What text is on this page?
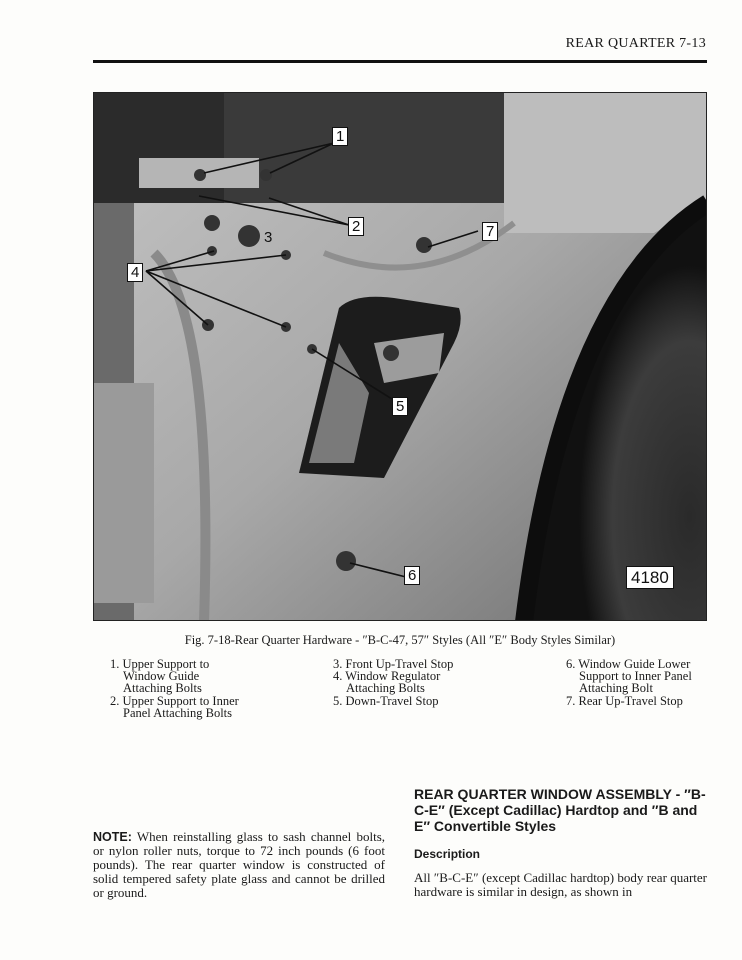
REAR QUARTER 7-13
1
2
3
4
5
6
7
4180
Fig. 7-18-Rear Quarter Hardware - ″B-C-47, 57″ Styles (All ″E″ Body Styles Similar)
1. Upper Support to Window Guide Attaching Bolts
2. Upper Support to Inner Panel Attaching Bolts
3. Front Up-Travel Stop
4. Window Regulator Attaching Bolts
5. Down-Travel Stop
6. Window Guide Lower Support to Inner Panel Attaching Bolt
7. Rear Up-Travel Stop
REAR QUARTER WINDOW ASSEMBLY - ″B-C-E″ (Except Cadillac) Hardtop and ″B and E″ Convertible Styles
NOTE: When reinstalling glass to sash channel bolts, or nylon roller nuts, torque to 72 inch pounds (6 foot pounds). The rear quarter window is constructed of solid tempered safety plate glass and cannot be drilled or ground.
Description
All ″B-C-E″ (except Cadillac hardtop) body rear quarter hardware is similar in design, as shown in
